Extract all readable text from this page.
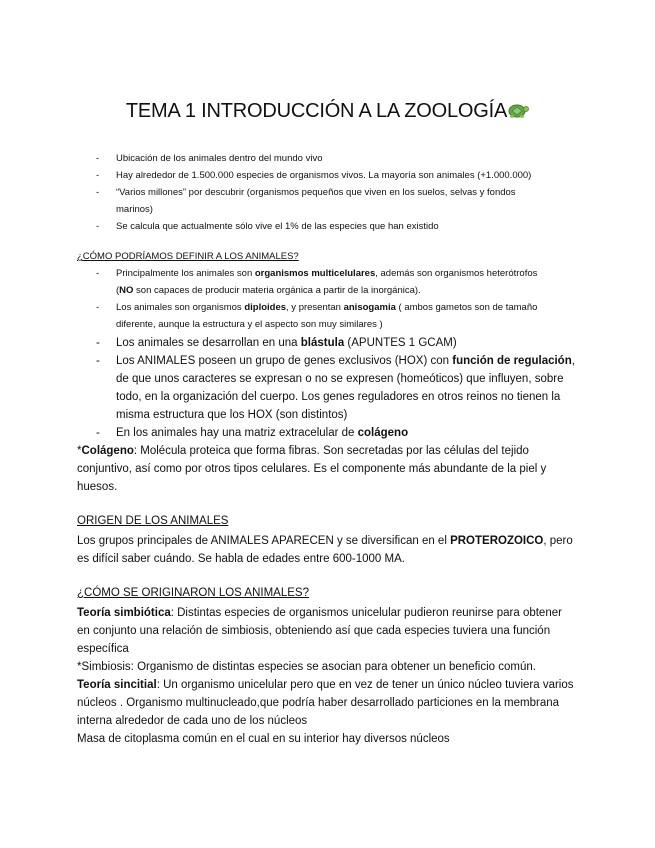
TEMA 1 INTRODUCCIÓN A LA ZOOLOGÍA
- Ubicación de los animales dentro del mundo vivo
- Hay alrededor de 1.500.000 especies de organismos vivos. La mayoría son animales (+1.000.000)
- “Varios millones” por descubrir (organismos pequeños que viven en los suelos, selvas y fondos marinos)
- Se calcula que actualmente sólo vive el 1% de las especies que han existido
¿CÓMO PODRÍAMOS DEFINIR A LOS ANIMALES?
- Principalmente los animales son organismos multicelulares, además son organismos heterótrofos (NO son capaces de producir materia orgánica a partir de la inorgánica).
- Los animales son organismos diploides, y presentan anisogamia ( ambos gametos son de tamaño diferente, aunque la estructura y el aspecto son muy similares )
- Los animales se desarrollan en una blástula (APUNTES 1 GCAM)
- Los ANIMALES poseen un grupo de genes exclusivos (HOX) con función de regulación, de que unos caracteres se expresan o no se expresen (homeóticos) que influyen, sobre todo, en la organización del cuerpo. Los genes reguladores en otros reinos no tienen la misma estructura que los HOX (son distintos)
- En los animales hay una matriz extracelular de colágeno
*Colágeno: Molécula proteica que forma fibras. Son secretadas por las células del tejido conjuntivo, así como por otros tipos celulares. Es el componente más abundante de la piel y huesos.
ORIGEN DE LOS ANIMALES
Los grupos principales de ANIMALES APARECEN y se diversifican en el PROTEROZOICO, pero es difícil saber cuándo. Se habla de edades entre 600-1000 MA.
¿CÓMO SE ORIGINARON LOS ANIMALES?
Teoría simbiótica: Distintas especies de organismos unicelular pudieron reunirse para obtener en conjunto una relación de simbiosis, obteniendo así que cada especies tuviera una función específica
*Simbiosis: Organismo de distintas especies se asocian para obtener un beneficio común.
Teoría sincitial: Un organismo unicelular pero que en vez de tener un único núcleo tuviera varios núcleos . Organismo multinucleado,que podría haber desarrollado particiones en la membrana interna alrededor de cada uno de los núcleos
Masa de citoplasma común en el cual en su interior hay diversos núcleos
